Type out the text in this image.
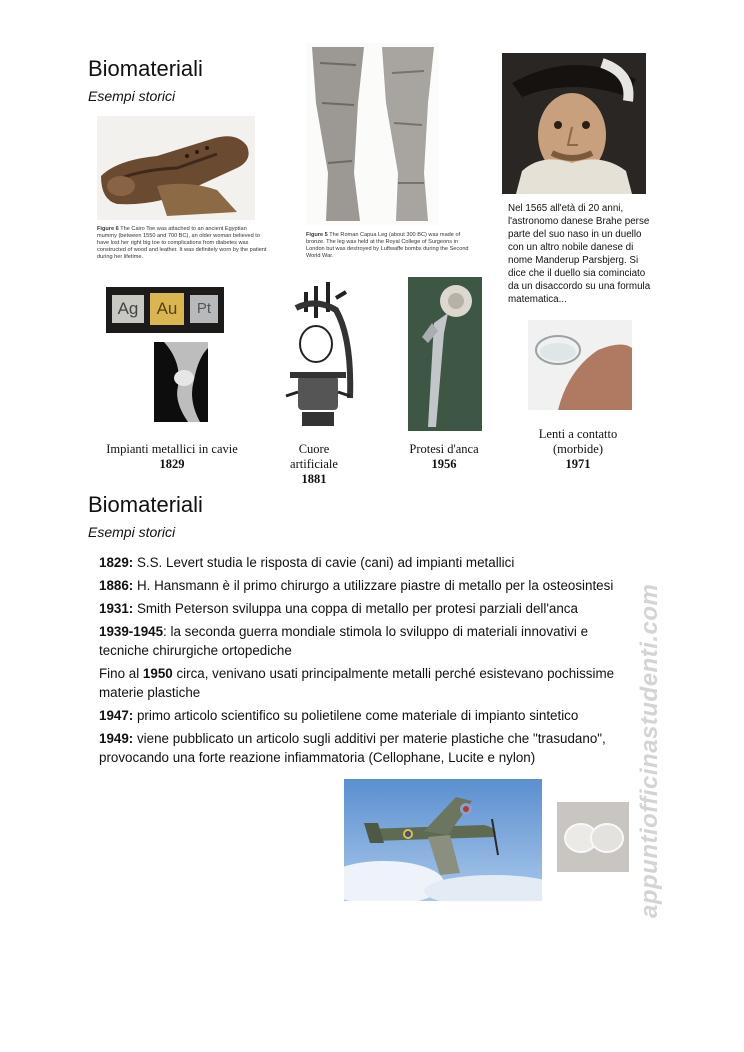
Biomateriali
Esempi storici
Figure 6 The Cairo Toe was attached to an ancient Egyptian mummy (between 1550 and 700 BC), an older woman believed to have lost her right big toe to complications from diabetes was constructed of wood and leather. It was definitely worn by the patient during her lifetime.
Figure 5 The Roman Capua Leg (about 300 BC) was made of bronze. The leg was held at the Royal College of Surgeons in London but was destroyed by Luftwaffe bombs during the Second World War.
Nel 1565 all'età di 20 anni, l'astronomo danese Brahe perse parte del suo naso in un duello con un altro nobile danese di nome Manderup Parsbjerg. Si dice che il duello sia cominciato da un disaccordo su una formula matematica...
Ag	Au	Pt
Impianti metallici in cavie
1829
Cuore artificiale
1881
Protesi d'anca
1956
Lenti a contatto (morbide)
1971
Biomateriali
Esempi storici
1829: S.S. Levert studia le risposta di cavie (cani) ad impianti metallici
1886: H. Hansmann è il primo chirurgo a utilizzare piastre di metallo per la osteosintesi
1931: Smith Peterson sviluppa una coppa di metallo per protesi parziali dell'anca
1939-1945: la seconda guerra mondiale stimola lo sviluppo di materiali innovativi e tecniche chirurgiche ortopediche
Fino al 1950 circa, venivano usati principalmente metalli perché esistevano pochissime materie plastiche
1947: primo articolo scientifico su polietilene come materiale di impianto sintetico
1949: viene pubblicato un articolo sugli additivi per materie plastiche che "trasudano", provocando una forte reazione infiammatoria (Cellophane, Lucite e nylon)	appuntiofficinastudenti.com
